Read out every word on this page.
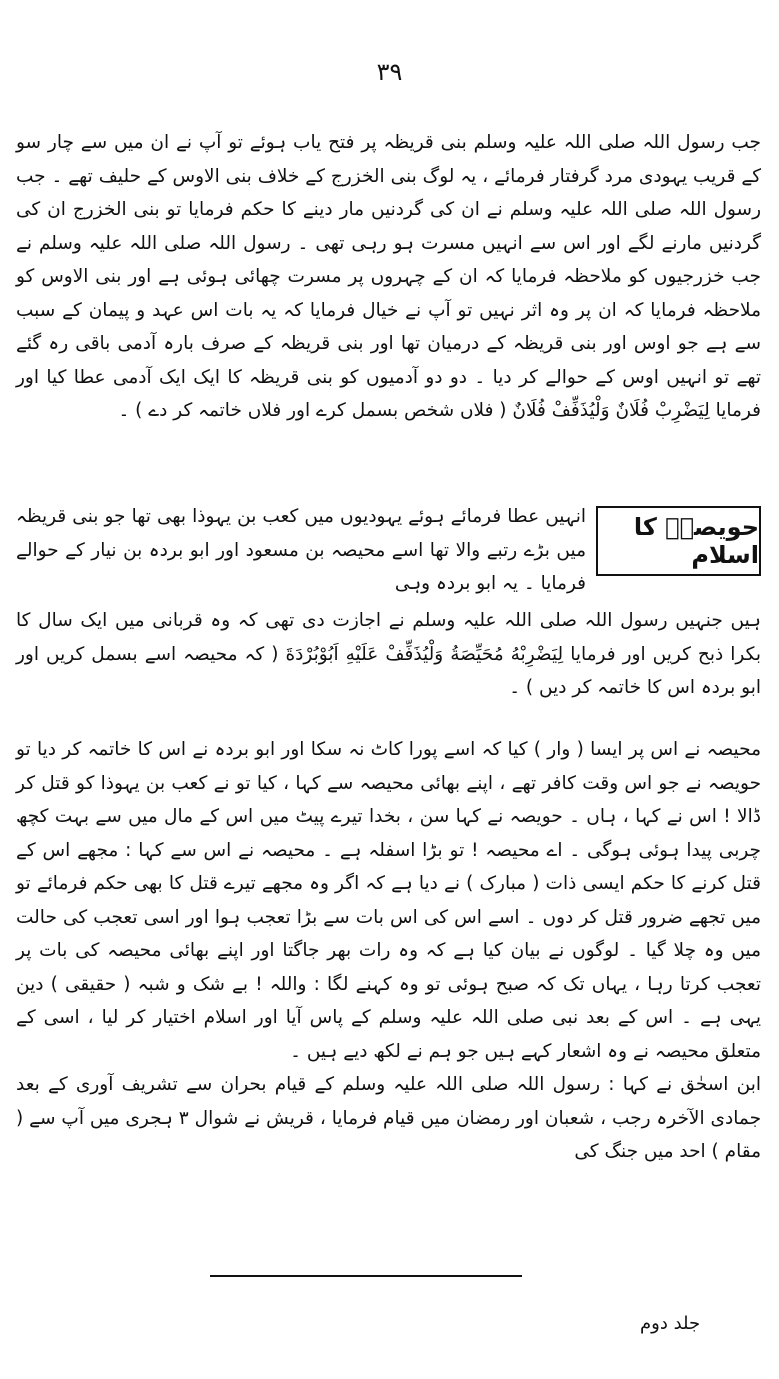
٣٩

جب رسول اللہ صلی اللہ علیہ وسلم بنی قریظہ پر فتح یاب ہوئے تو آپ نے ان میں سے چار سو کے قریب یہودی مرد گرفتار فرمائے ، یہ لوگ بنی الخزرج کے خلاف بنی الاوس کے حلیف تھے ۔ جب رسول اللہ صلی اللہ علیہ وسلم نے ان کی گردنیں مار دینے کا حکم فرمایا تو بنی الخزرج ان کی گردنیں مارنے لگے اور اس سے انہیں مسرت ہو رہی تھی ۔ رسول اللہ صلی اللہ علیہ وسلم نے جب خزرجیوں کو ملاحظہ فرمایا کہ ان کے چہروں پر مسرت چھائی ہوئی ہے اور بنی الاوس کو ملاحظہ فرمایا کہ ان پر وہ اثر نہیں تو آپ نے خیال فرمایا کہ یہ بات اس عہد و پیمان کے سبب سے ہے جو اوس اور بنی قریظہ کے درمیان تھا اور بنی قریظہ کے صرف بارہ آدمی باقی رہ گئے تھے تو انہیں اوس کے حوالے کر دیا ۔ دو دو آدمیوں کو بنی قریظہ کا ایک ایک آدمی عطا کیا اور فرمایا لِیَضْرِبْ فُلَانٌ وَلْیُذَفِّفْ فُلَانٌ ( فلاں شخص بسمل کرے اور فلاں خاتمہ کر دے ) ۔

حویصہؓ کا اسلام

انہیں عطا فرمائے ہوئے یہودیوں میں کعب بن یہوذا بھی تھا جو بنی قریظہ میں بڑے رتبے والا تھا اسے محیصہ بن مسعود اور ابو بردہ بن نیار کے حوالے فرمایا ۔ یہ ابو بردہ وہی

ہیں جنہیں رسول اللہ صلی اللہ علیہ وسلم نے اجازت دی تھی کہ وہ قربانی میں ایک سال کا بکرا ذبح کریں اور فرمایا لِیَضْرِبْهُ مُحَیِّصَةُ وَلْیُذَفِّفْ عَلَیْهِ اَبُوْبُرْدَةَ ( کہ محیصہ اسے بسمل کریں اور ابو بردہ اس کا خاتمہ کر دیں ) ۔

محیصہ نے اس پر ایسا ( وار ) کیا کہ اسے پورا کاٹ نہ سکا اور ابو بردہ نے اس کا خاتمہ کر دیا تو حویصہ نے جو اس وقت کافر تھے ، اپنے بھائی محیصہ سے کہا ، کیا تو نے کعب بن یہوذا کو قتل کر ڈالا ! اس نے کہا ، ہاں ۔ حویصہ نے کہا سن ، بخدا تیرے پیٹ میں اس کے مال میں سے بہت کچھ چربی پیدا ہوئی ہوگی ۔ اے محیصہ ! تو بڑا اسفلہ ہے ۔ محیصہ نے اس سے کہا : مجھے اس کے قتل کرنے کا حکم ایسی ذات ( مبارک ) نے دیا ہے کہ اگر وہ مجھے تیرے قتل کا بھی حکم فرمائے تو میں تجھے ضرور قتل کر دوں ۔ اسے اس کی اس بات سے بڑا تعجب ہوا اور اسی تعجب کی حالت میں وہ چلا گیا ۔ لوگوں نے بیان کیا ہے کہ وہ رات بھر جاگتا اور اپنے بھائی محیصہ کی بات پر تعجب کرتا رہا ، یہاں تک کہ صبح ہوئی تو وہ کہنے لگا : واللہ ! بے شک و شبہ ( حقیقی ) دین یہی ہے ۔ اس کے بعد نبی صلی اللہ علیہ وسلم کے پاس آیا اور اسلام اختیار کر لیا ، اسی کے متعلق محیصہ نے وہ اشعار کہے ہیں جو ہم نے لکھ دیے ہیں ۔

ابن اسحٰق نے کہا : رسول اللہ صلی اللہ علیہ وسلم کے قیام بحران سے تشریف آوری کے بعد جمادی الآخرہ رجب ، شعبان اور رمضان میں قیام فرمایا ، قریش نے شوال ۳ ہجری میں آپ سے ( مقام ) احد میں جنگ کی

جلد دوم
